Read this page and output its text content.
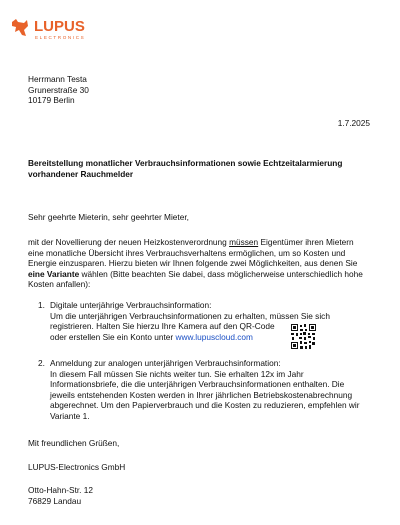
LUPUS
ELECTRONICS
Herrmann Testa
Grunerstraße 30
10179 Berlin
1.7.2025
Bereitstellung monatlicher Verbrauchsinformationen sowie Echtzeitalarmierung
vorhandener Rauchmelder
Sehr geehrte Mieterin, sehr geehrter Mieter,
mit der Novellierung der neuen Heizkostenverordnung müssen Eigentümer ihren Mietern
eine monatliche Übersicht ihres Verbrauchsverhaltens ermöglichen, um so Kosten und
Energie einzusparen. Hierzu bieten wir Ihnen folgende zwei Möglichkeiten, aus denen Sie
eine Variante wählen (Bitte beachten Sie dabei, dass möglicherweise unterschiedlich hohe
Kosten anfallen):
1. Digitale unterjährige Verbrauchsinformation:
Um die unterjährigen Verbrauchsinformationen zu erhalten, müssen Sie sich
registrieren. Halten Sie hierzu Ihre Kamera auf den QR-Code
oder erstellen Sie ein Konto unter www.lupuscloud.com
2. Anmeldung zur analogen unterjährigen Verbrauchsinformation:
In diesem Fall müssen Sie nichts weiter tun. Sie erhalten 12x im Jahr
Informationsbriefe, die die unterjährigen Verbrauchsinformationen enthalten. Die
jeweils entstehenden Kosten werden in Ihrer jährlichen Betriebskostenabrechnung
abgerechnet. Um den Papierverbrauch und die Kosten zu reduzieren, empfehlen wir
Variante 1.
Mit freundlichen Grüßen,
LUPUS-Electronics GmbH
Otto-Hahn-Str. 12
76829 Landau
